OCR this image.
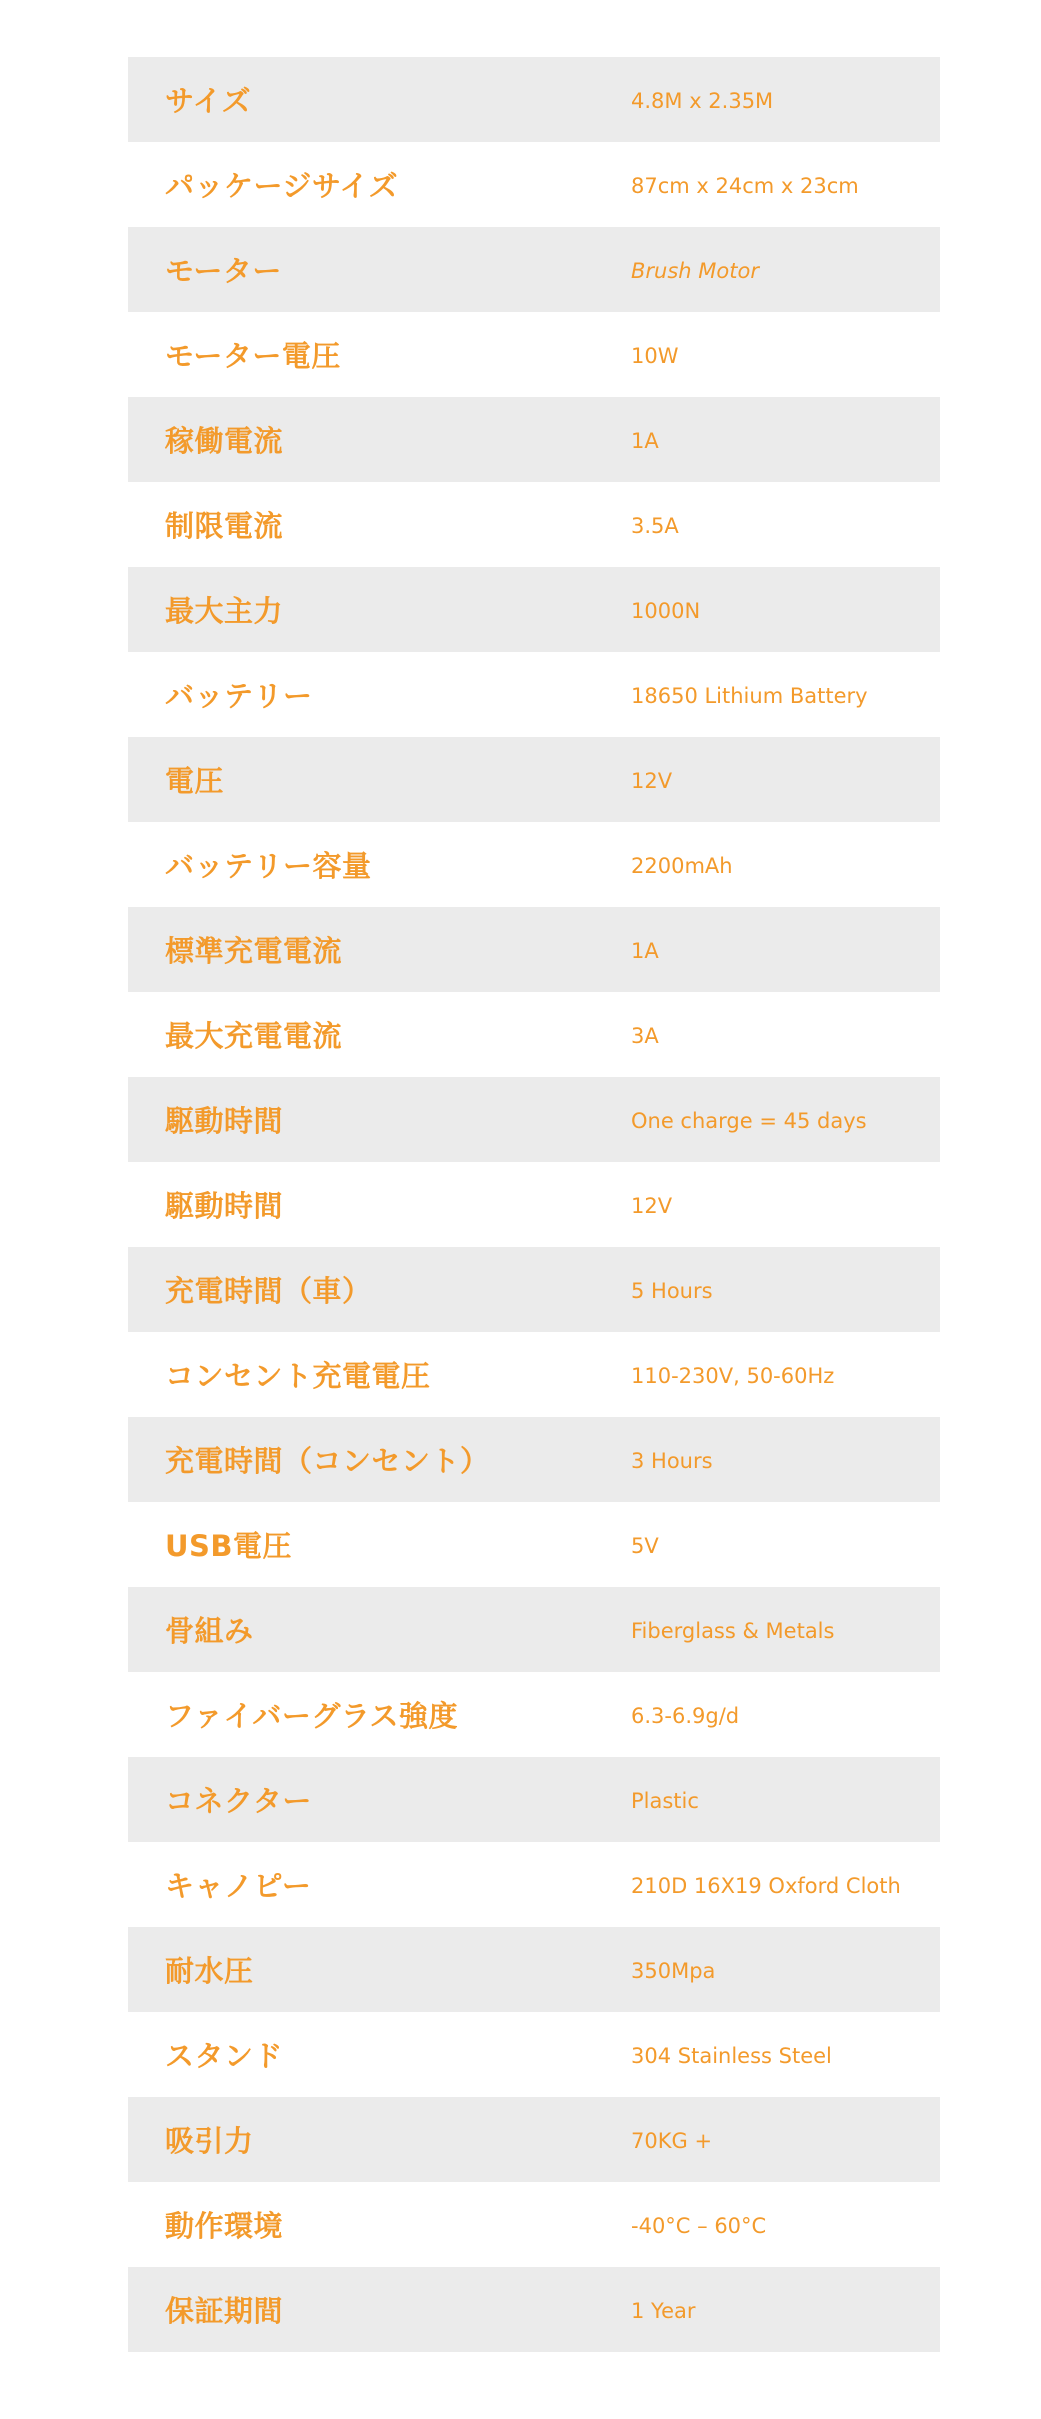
サイズ	4.8M x 2.35M
パッケージサイズ	87cm x 24cm x 23cm
モーター	Brush Motor
モーター電圧	10W
稼働電流	1A
制限電流	3.5A
最大主力	1000N
バッテリー	18650 Lithium Battery
電圧	12V
バッテリー容量	2200mAh
標準充電電流	1A
最大充電電流	3A
駆動時間	One charge = 45 days
駆動時間	12V
充電時間（車）	5 Hours
コンセント充電電圧	110-230V, 50-60Hz
充電時間（コンセント）	3 Hours
USB電圧	5V
骨組み	Fiberglass & Metals
ファイバーグラス強度	6.3-6.9g/d
コネクター	Plastic
キャノピー	210D 16X19 Oxford Cloth
耐水圧	350Mpa
スタンド	304 Stainless Steel
吸引力	70KG +
動作環境	-40°C – 60°C
保証期間	1 Year
